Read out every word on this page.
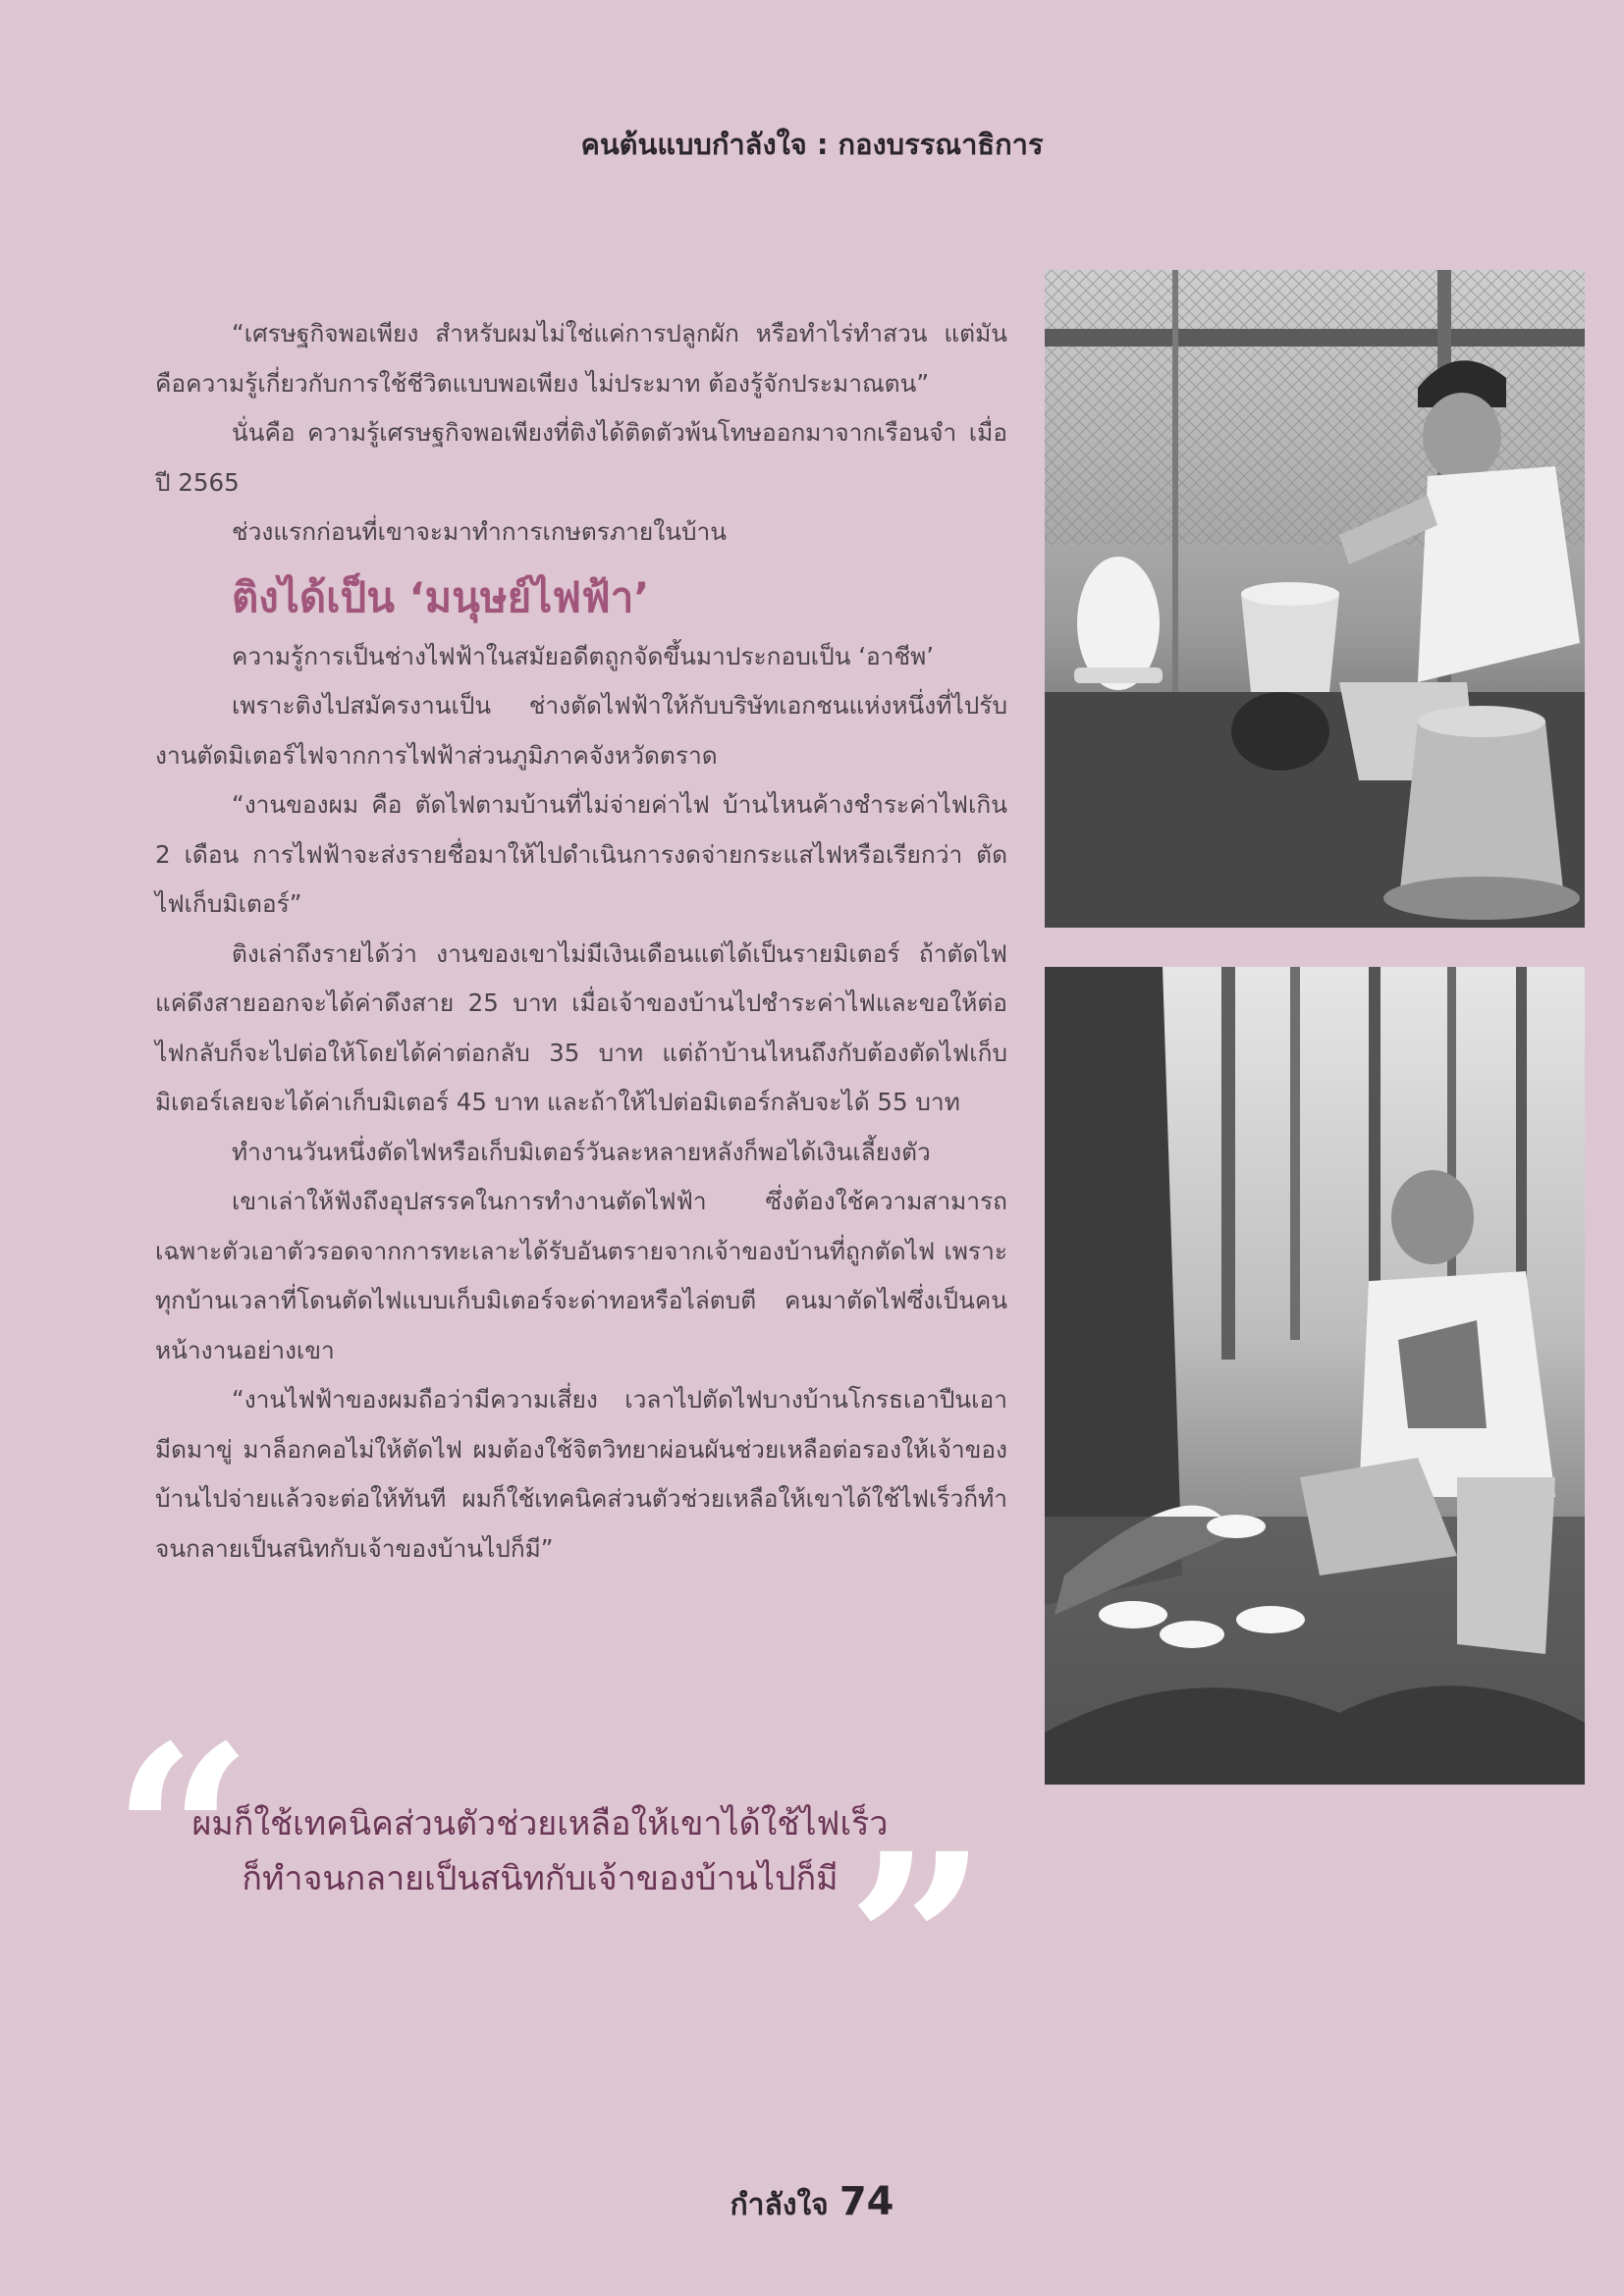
คนต้นแบบกำลังใจ : กองบรรณาธิการ

“เศรษฐกิจพอเพียง สำหรับผมไม่ใช่แค่การปลูกผัก หรือทำไร่ทำสวน แต่มันคือความรู้เกี่ยวกับการใช้ชีวิตแบบพอเพียง ไม่ประมาท ต้องรู้จักประมาณตน”

นั่นคือ ความรู้เศรษฐกิจพอเพียงที่ติงได้ติดตัวพ้นโทษออกมาจากเรือนจำ เมื่อปี 2565

ช่วงแรกก่อนที่เขาจะมาทำการเกษตรภายในบ้าน

ติงได้เป็น ‘มนุษย์ไฟฟ้า’

ความรู้การเป็นช่างไฟฟ้าในสมัยอดีตถูกจัดขึ้นมาประกอบเป็น ‘อาชีพ’

เพราะติงไปสมัครงานเป็น ช่างตัดไฟฟ้าให้กับบริษัทเอกชนแห่งหนึ่งที่ไปรับงานตัดมิเตอร์ไฟจากการไฟฟ้าส่วนภูมิภาคจังหวัดตราด

“งานของผม คือ ตัดไฟตามบ้านที่ไม่จ่ายค่าไฟ บ้านไหนค้างชำระค่าไฟเกิน 2 เดือน การไฟฟ้าจะส่งรายชื่อมาให้ไปดำเนินการงดจ่ายกระแสไฟหรือเรียกว่า ตัดไฟเก็บมิเตอร์”

ติงเล่าถึงรายได้ว่า งานของเขาไม่มีเงินเดือนแต่ได้เป็นรายมิเตอร์ ถ้าตัดไฟแค่ดึงสายออกจะได้ค่าดึงสาย 25 บาท เมื่อเจ้าของบ้านไปชำระค่าไฟและขอให้ต่อไฟกลับก็จะไปต่อให้โดยได้ค่าต่อกลับ 35 บาท แต่ถ้าบ้านไหนถึงกับต้องตัดไฟเก็บมิเตอร์เลยจะได้ค่าเก็บมิเตอร์ 45 บาท และถ้าให้ไปต่อมิเตอร์กลับจะได้ 55 บาท

ทำงานวันหนึ่งตัดไฟหรือเก็บมิเตอร์วันละหลายหลังก็พอได้เงินเลี้ยงตัว

เขาเล่าให้ฟังถึงอุปสรรคในการทำงานตัดไฟฟ้า ซึ่งต้องใช้ความสามารถเฉพาะตัวเอาตัวรอดจากการทะเลาะได้รับอันตรายจากเจ้าของบ้านที่ถูกตัดไฟ เพราะทุกบ้านเวลาที่โดนตัดไฟแบบเก็บมิเตอร์จะด่าทอหรือไล่ตบตี คนมาตัดไฟซึ่งเป็นคนหน้างานอย่างเขา

“งานไฟฟ้าของผมถือว่ามีความเสี่ยง เวลาไปตัดไฟบางบ้านโกรธเอาปืนเอามีดมาขู่ มาล็อกคอไม่ให้ตัดไฟ ผมต้องใช้จิตวิทยาผ่อนผันช่วยเหลือต่อรองให้เจ้าของบ้านไปจ่ายแล้วจะต่อให้ทันที ผมก็ใช้เทคนิคส่วนตัวช่วยเหลือให้เขาได้ใช้ไฟเร็วก็ทำจนกลายเป็นสนิทกับเจ้าของบ้านไปก็มี”

“ ”
ผมก็ใช้เทคนิคส่วนตัวช่วยเหลือให้เขาได้ใช้ไฟเร็ว
ก็ทำจนกลายเป็นสนิทกับเจ้าของบ้านไปก็มี
กำลังใจ 74
